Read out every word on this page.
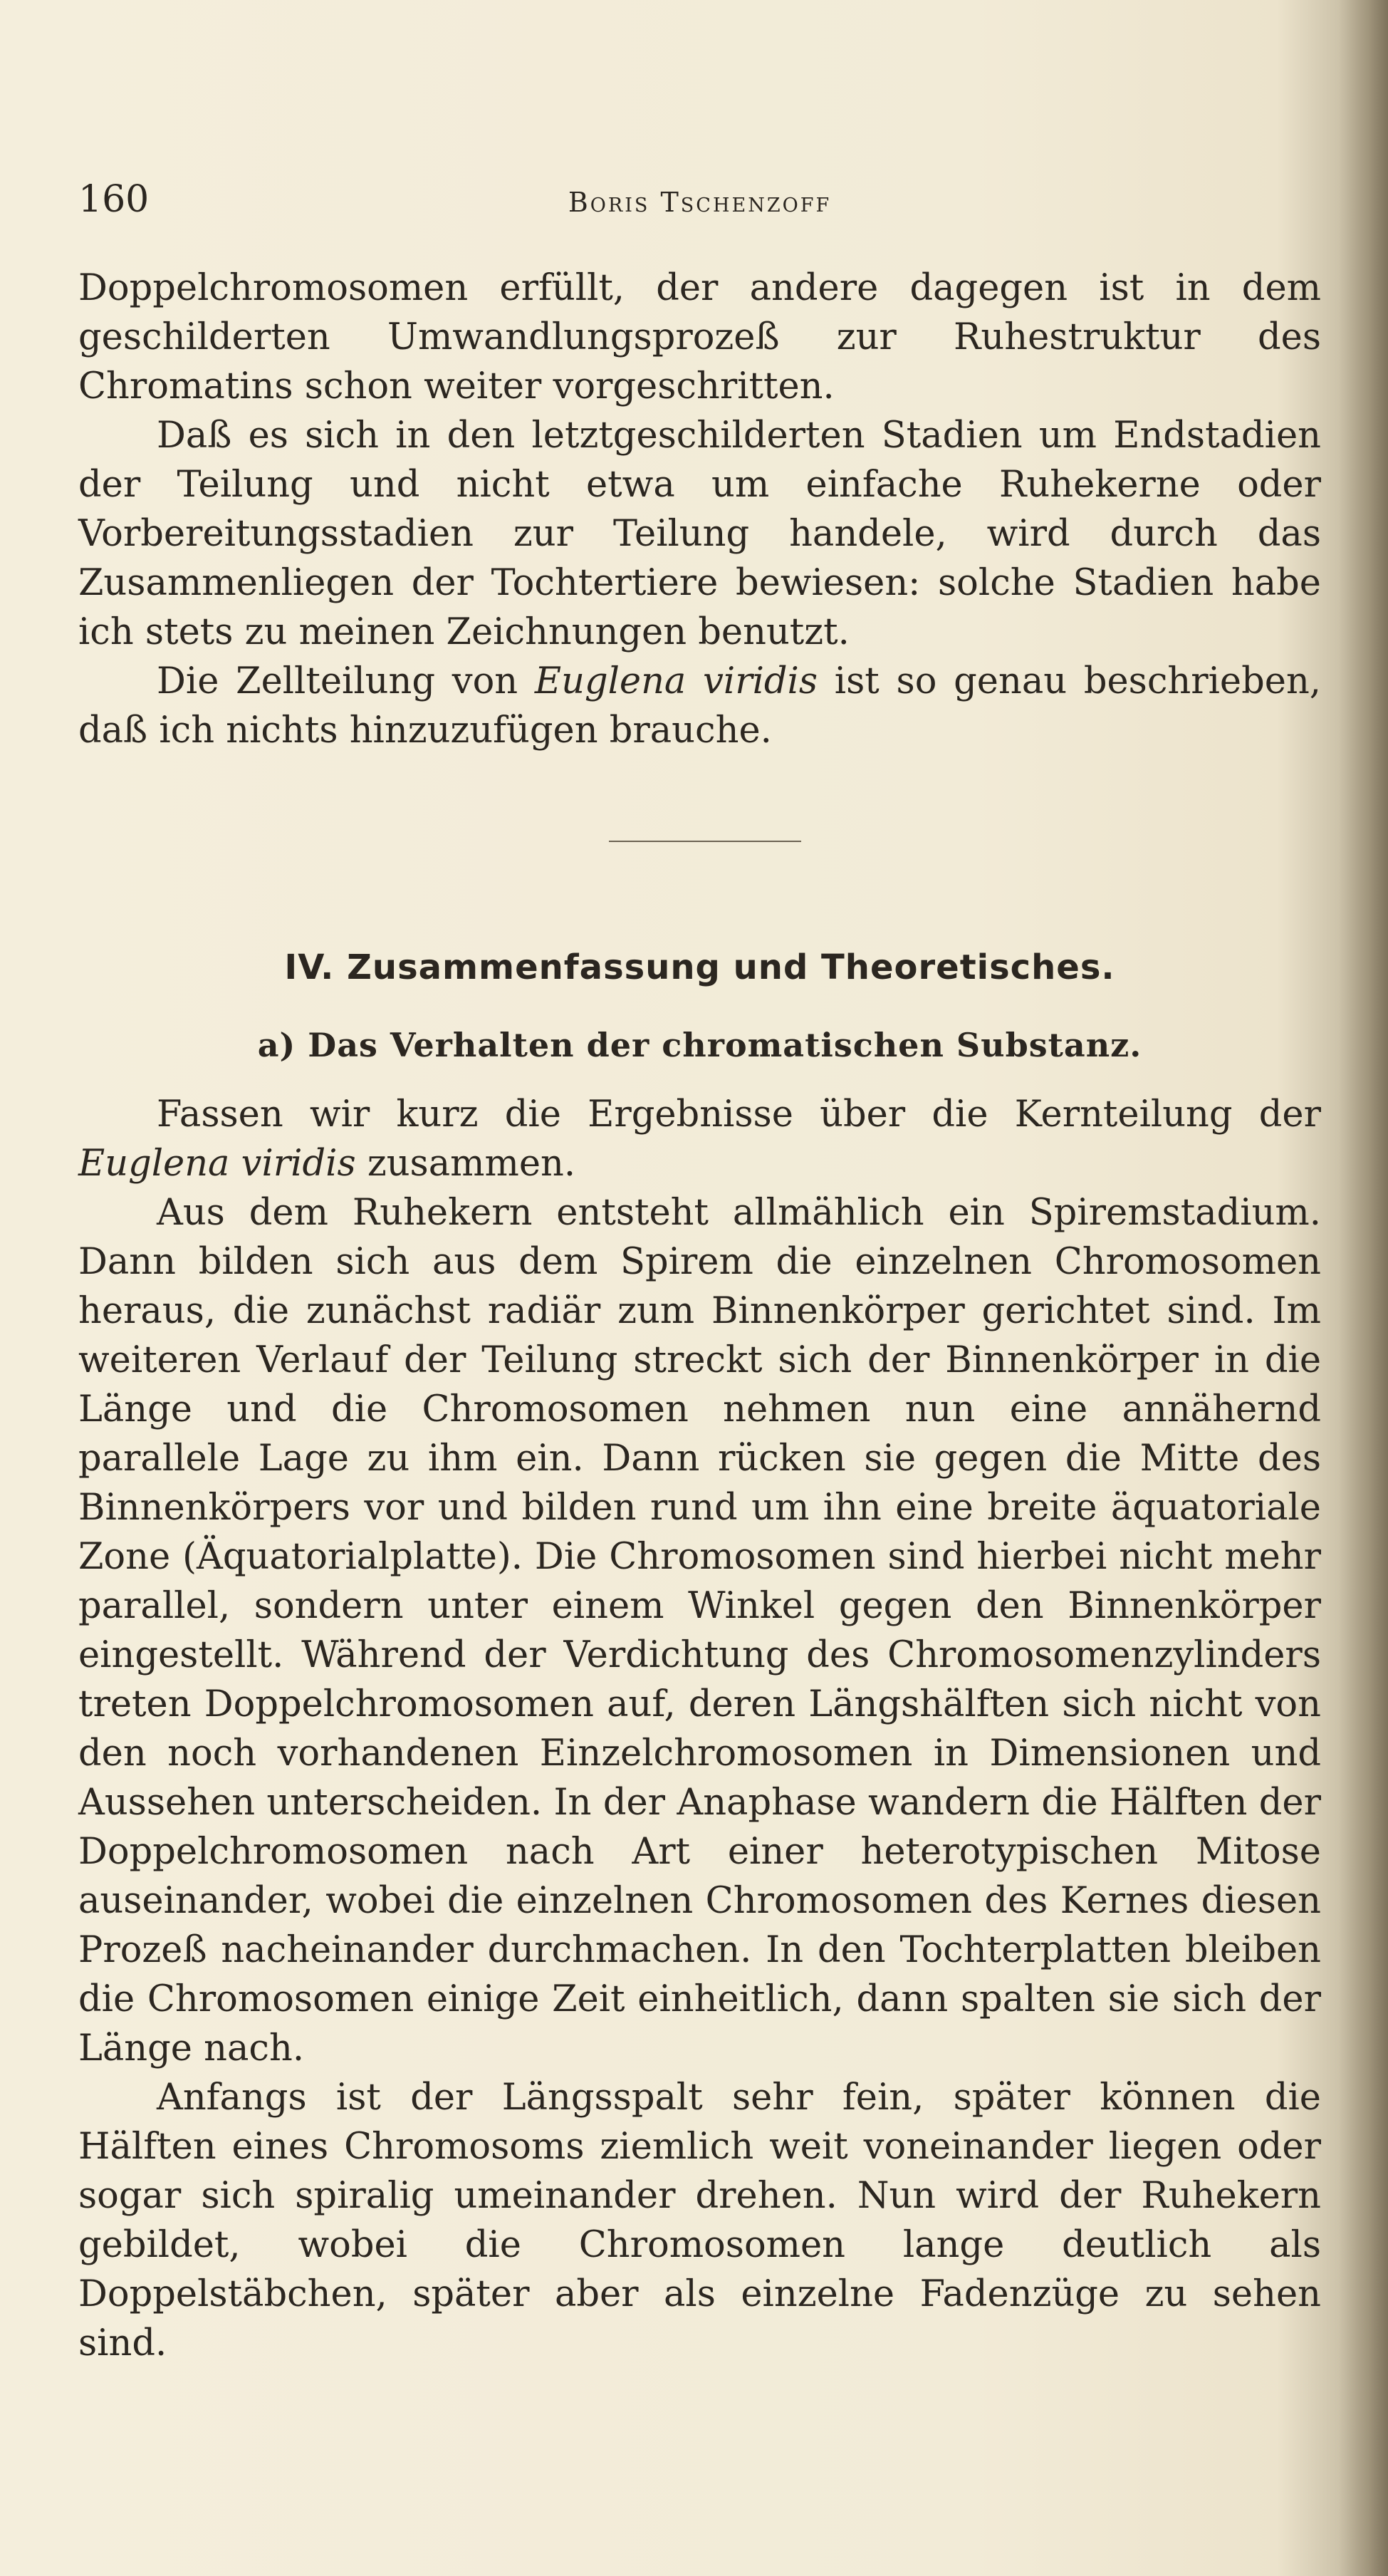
160	Boris Tschenzoff

Doppelchromosomen erfüllt, der andere dagegen ist in dem geschilderten Umwandlungsprozeß zur Ruhestruktur des Chromatins schon weiter vorgeschritten.

Daß es sich in den letztgeschilderten Stadien um Endstadien der Teilung und nicht etwa um einfache Ruhekerne oder Vorbereitungsstadien zur Teilung handele, wird durch das Zusammenliegen der Tochtertiere bewiesen: solche Stadien habe ich stets zu meinen Zeichnungen benutzt.

Die Zellteilung von Euglena viridis ist so genau beschrieben, daß ich nichts hinzuzufügen brauche.

IV. Zusammenfassung und Theoretisches.
a) Das Verhalten der chromatischen Substanz.

Fassen wir kurz die Ergebnisse über die Kernteilung der Euglena viridis zusammen.

Aus dem Ruhekern entsteht allmählich ein Spiremstadium. Dann bilden sich aus dem Spirem die einzelnen Chromosomen heraus, die zunächst radiär zum Binnenkörper gerichtet sind. Im weiteren Verlauf der Teilung streckt sich der Binnenkörper in die Länge und die Chromosomen nehmen nun eine annähernd parallele Lage zu ihm ein. Dann rücken sie gegen die Mitte des Binnenkörpers vor und bilden rund um ihn eine breite äquatoriale Zone (Äquatorialplatte). Die Chromosomen sind hierbei nicht mehr parallel, sondern unter einem Winkel gegen den Binnenkörper eingestellt. Während der Verdichtung des Chromosomenzylinders treten Doppelchromosomen auf, deren Längshälften sich nicht von den noch vorhandenen Einzelchromosomen in Dimensionen und Aussehen unterscheiden. In der Anaphase wandern die Hälften der Doppelchromosomen nach Art einer heterotypischen Mitose auseinander, wobei die einzelnen Chromosomen des Kernes diesen Prozeß nacheinander durchmachen. In den Tochterplatten bleiben die Chromosomen einige Zeit einheitlich, dann spalten sie sich der Länge nach.

Anfangs ist der Längsspalt sehr fein, später können die Hälften eines Chromosoms ziemlich weit voneinander liegen oder sogar sich spiralig umeinander drehen. Nun wird der Ruhekern gebildet, wobei die Chromosomen lange deutlich als Doppelstäbchen, später aber als einzelne Fadenzüge zu sehen sind.
